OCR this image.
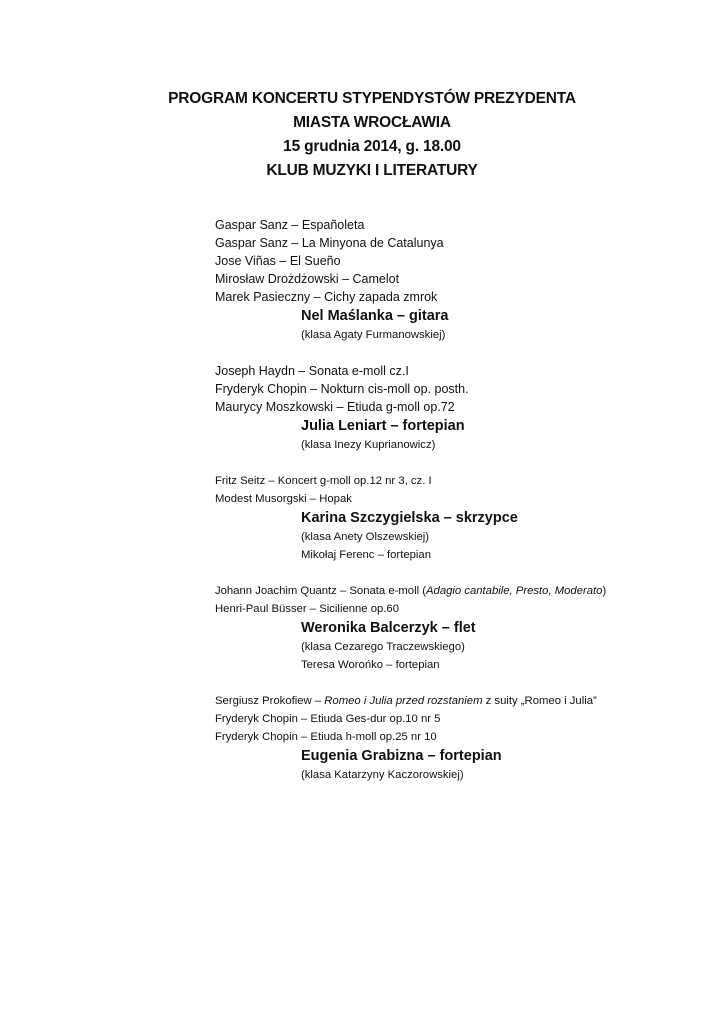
PROGRAM KONCERTU STYPENDYSTÓW PREZYDENTA
MIASTA WROCŁAWIA
15 grudnia 2014, g. 18.00
KLUB MUZYKI I LITERATURY
Gaspar Sanz – Españoleta
Gaspar Sanz – La Minyona de Catalunya
Jose Viñas – El Sueño
Mirosław Drożdżowski – Camelot
Marek Pasieczny – Cichy zapada zmrok
Nel Maślanka – gitara
(klasa Agaty Furmanowskiej)
Joseph Haydn – Sonata e-moll cz.I
Fryderyk Chopin – Nokturn cis-moll op. posth.
Maurycy Moszkowski – Etiuda g-moll op.72
Julia Leniart – fortepian
(klasa Inezy Kuprianowicz)
Fritz Seitz – Koncert g-moll op.12 nr 3, cz. I
Modest Musorgski – Hopak
Karina Szczygielska – skrzypce
(klasa Anety Olszewskiej)
Mikołaj Ferenc – fortepian
Johann Joachim Quantz – Sonata e-moll (Adagio cantabile, Presto, Moderato)
Henri-Paul Büsser – Sicilienne op.60
Weronika Balcerzyk – flet
(klasa Cezarego Traczewskiego)
Teresa Worońko – fortepian
Sergiusz Prokofiew – Romeo i Julia przed rozstaniem z suity „Romeo i Julia”
Fryderyk Chopin – Etiuda Ges-dur op.10 nr 5
Fryderyk Chopin – Etiuda h-moll op.25 nr 10
Eugenia Grabizna – fortepian
(klasa Katarzyny Kaczorowskiej)
